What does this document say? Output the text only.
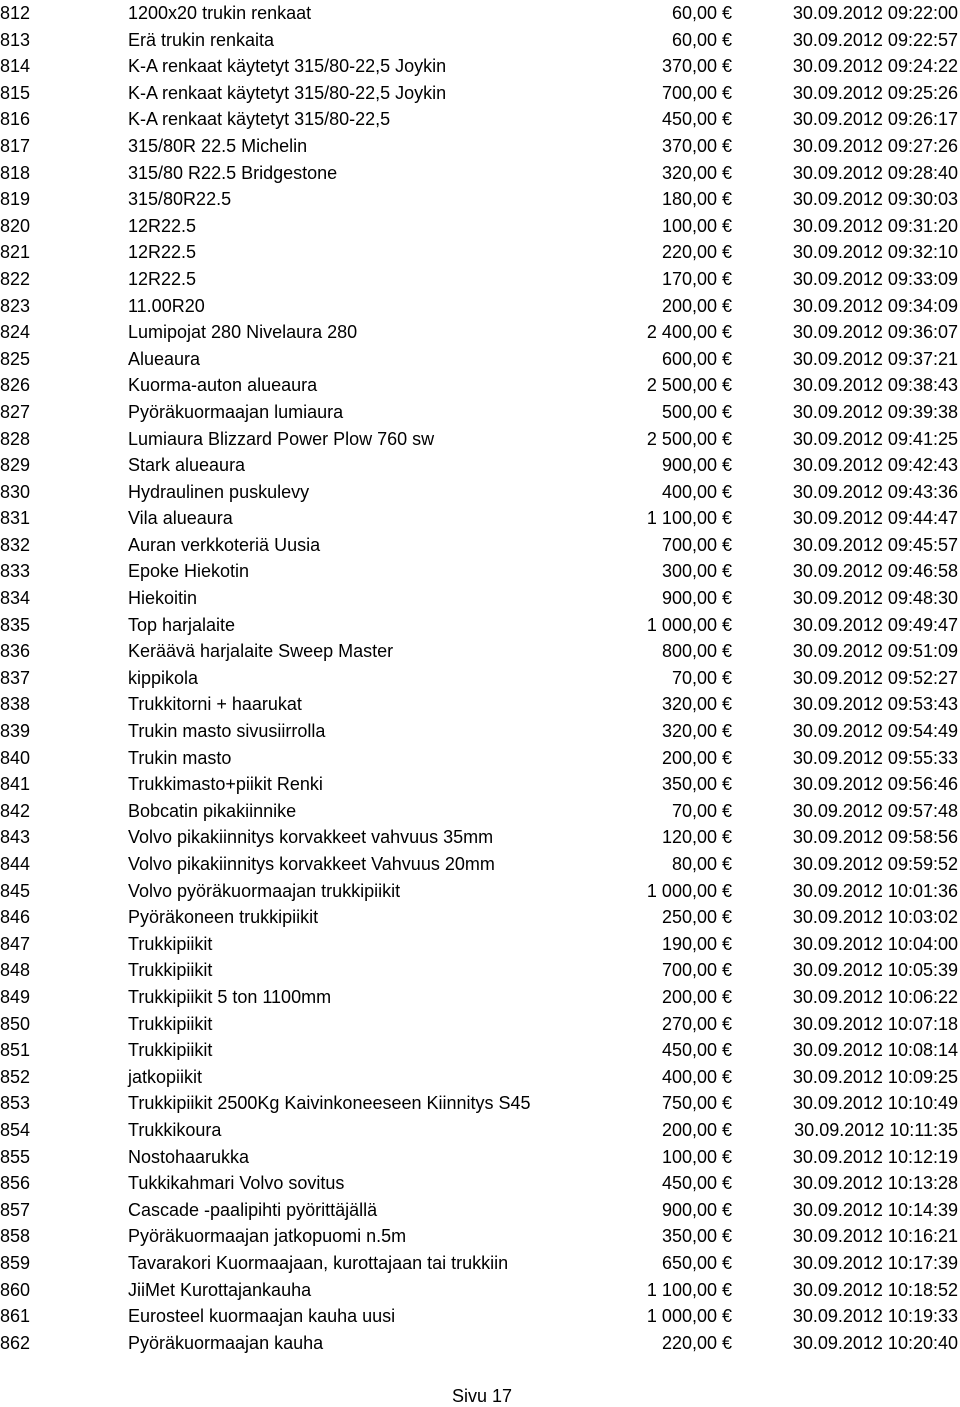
812	1200x20 trukin renkaat	60,00 €	30.09.2012 09:22:00
813	Erä trukin renkaita	60,00 €	30.09.2012 09:22:57
814	K-A renkaat käytetyt 315/80-22,5 Joykin	370,00 €	30.09.2012 09:24:22
815	K-A renkaat käytetyt 315/80-22,5 Joykin	700,00 €	30.09.2012 09:25:26
816	K-A renkaat käytetyt 315/80-22,5	450,00 €	30.09.2012 09:26:17
817	315/80R 22.5 Michelin	370,00 €	30.09.2012 09:27:26
818	315/80 R22.5 Bridgestone	320,00 €	30.09.2012 09:28:40
819	315/80R22.5	180,00 €	30.09.2012 09:30:03
820	12R22.5	100,00 €	30.09.2012 09:31:20
821	12R22.5	220,00 €	30.09.2012 09:32:10
822	12R22.5	170,00 €	30.09.2012 09:33:09
823	11.00R20	200,00 €	30.09.2012 09:34:09
824	Lumipojat 280 Nivelaura 280	2 400,00 €	30.09.2012 09:36:07
825	Alueaura	600,00 €	30.09.2012 09:37:21
826	Kuorma-auton alueaura	2 500,00 €	30.09.2012 09:38:43
827	Pyöräkuormaajan lumiaura	500,00 €	30.09.2012 09:39:38
828	Lumiaura Blizzard Power Plow 760 sw	2 500,00 €	30.09.2012 09:41:25
829	Stark alueaura	900,00 €	30.09.2012 09:42:43
830	Hydraulinen puskulevy	400,00 €	30.09.2012 09:43:36
831	Vila alueaura	1 100,00 €	30.09.2012 09:44:47
832	Auran verkkoteriä Uusia	700,00 €	30.09.2012 09:45:57
833	Epoke Hiekotin	300,00 €	30.09.2012 09:46:58
834	Hiekoitin	900,00 €	30.09.2012 09:48:30
835	Top harjalaite	1 000,00 €	30.09.2012 09:49:47
836	Keräävä harjalaite Sweep Master	800,00 €	30.09.2012 09:51:09
837	kippikola	70,00 €	30.09.2012 09:52:27
838	Trukkitorni + haarukat	320,00 €	30.09.2012 09:53:43
839	Trukin masto sivusiirrolla	320,00 €	30.09.2012 09:54:49
840	Trukin masto	200,00 €	30.09.2012 09:55:33
841	Trukkimasto+piikit Renki	350,00 €	30.09.2012 09:56:46
842	Bobcatin pikakiinnike	70,00 €	30.09.2012 09:57:48
843	Volvo pikakiinnitys korvakkeet vahvuus 35mm	120,00 €	30.09.2012 09:58:56
844	Volvo pikakiinnitys korvakkeet Vahvuus 20mm	80,00 €	30.09.2012 09:59:52
845	Volvo pyöräkuormaajan trukkipiikit	1 000,00 €	30.09.2012 10:01:36
846	Pyöräkoneen trukkipiikit	250,00 €	30.09.2012 10:03:02
847	Trukkipiikit	190,00 €	30.09.2012 10:04:00
848	Trukkipiikit	700,00 €	30.09.2012 10:05:39
849	Trukkipiikit 5 ton 1100mm	200,00 €	30.09.2012 10:06:22
850	Trukkipiikit	270,00 €	30.09.2012 10:07:18
851	Trukkipiikit	450,00 €	30.09.2012 10:08:14
852	jatkopiikit	400,00 €	30.09.2012 10:09:25
853	Trukkipiikit 2500Kg Kaivinkoneeseen Kiinnitys S45	750,00 €	30.09.2012 10:10:49
854	Trukkikoura	200,00 €	30.09.2012 10:11:35
855	Nostohaarukka	100,00 €	30.09.2012 10:12:19
856	Tukkikahmari Volvo sovitus	450,00 €	30.09.2012 10:13:28
857	Cascade -paalipihti pyörittäjällä	900,00 €	30.09.2012 10:14:39
858	Pyöräkuormaajan jatkopuomi n.5m	350,00 €	30.09.2012 10:16:21
859	Tavarakori Kuormaajaan, kurottajaan tai trukkiin	650,00 €	30.09.2012 10:17:39
860	JiiMet Kurottajankauha	1 100,00 €	30.09.2012 10:18:52
861	Eurosteel kuormaajan kauha uusi	1 000,00 €	30.09.2012 10:19:33
862	Pyöräkuormaajan kauha	220,00 €	30.09.2012 10:20:40
Sivu 17
